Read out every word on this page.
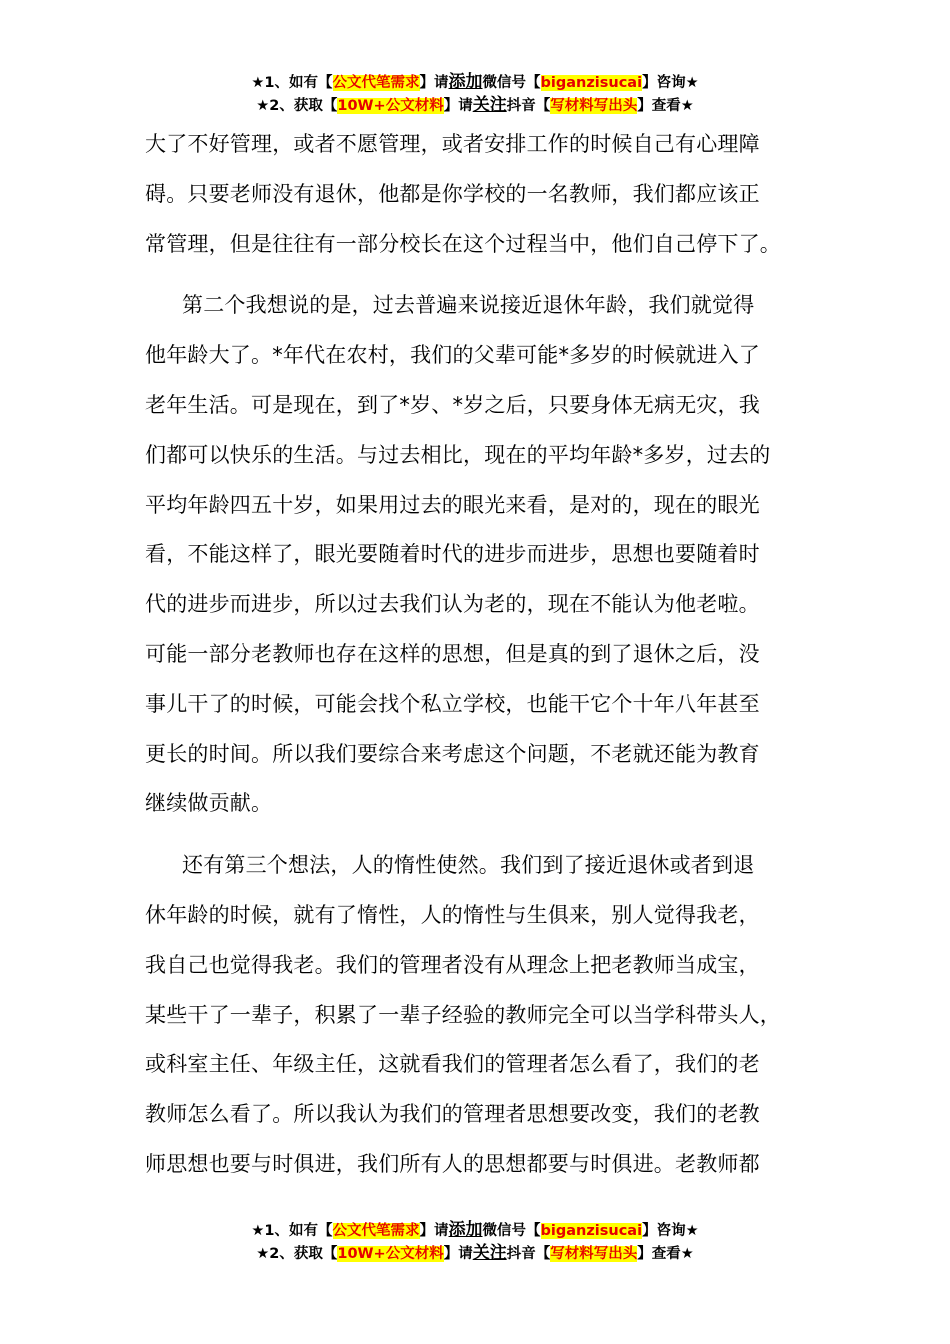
★1、如有【公文代笔需求】请添加微信号【biganzisucai】咨询★
★2、获取【10W+公文材料】请关注抖音【写材料写出头】查看★
大了不好管理，或者不愿管理，或者安排工作的时候自己有心理障
碍。只要老师没有退休，他都是你学校的一名教师，我们都应该正
常管理，但是往往有一部分校长在这个过程当中，他们自己停下了。
第二个我想说的是，过去普遍来说接近退休年龄，我们就觉得
他年龄大了。*年代在农村，我们的父辈可能*多岁的时候就进入了
老年生活。可是现在，到了*岁、*岁之后，只要身体无病无灾，我
们都可以快乐的生活。与过去相比，现在的平均年龄*多岁，过去的
平均年龄四五十岁，如果用过去的眼光来看，是对的，现在的眼光
看，不能这样了，眼光要随着时代的进步而进步，思想也要随着时
代的进步而进步，所以过去我们认为老的，现在不能认为他老啦。
可能一部分老教师也存在这样的思想，但是真的到了退休之后，没
事儿干了的时候，可能会找个私立学校，也能干它个十年八年甚至
更长的时间。所以我们要综合来考虑这个问题，不老就还能为教育
继续做贡献。
还有第三个想法，人的惰性使然。我们到了接近退休或者到退
休年龄的时候，就有了惰性，人的惰性与生俱来，别人觉得我老，
我自己也觉得我老。我们的管理者没有从理念上把老教师当成宝，
某些干了一辈子，积累了一辈子经验的教师完全可以当学科带头人，
或科室主任、年级主任，这就看我们的管理者怎么看了，我们的老
教师怎么看了。所以我认为我们的管理者思想要改变，我们的老教
师思想也要与时俱进，我们所有人的思想都要与时俱进。老教师都
★1、如有【公文代笔需求】请添加微信号【biganzisucai】咨询★
★2、获取【10W+公文材料】请关注抖音【写材料写出头】查看★
